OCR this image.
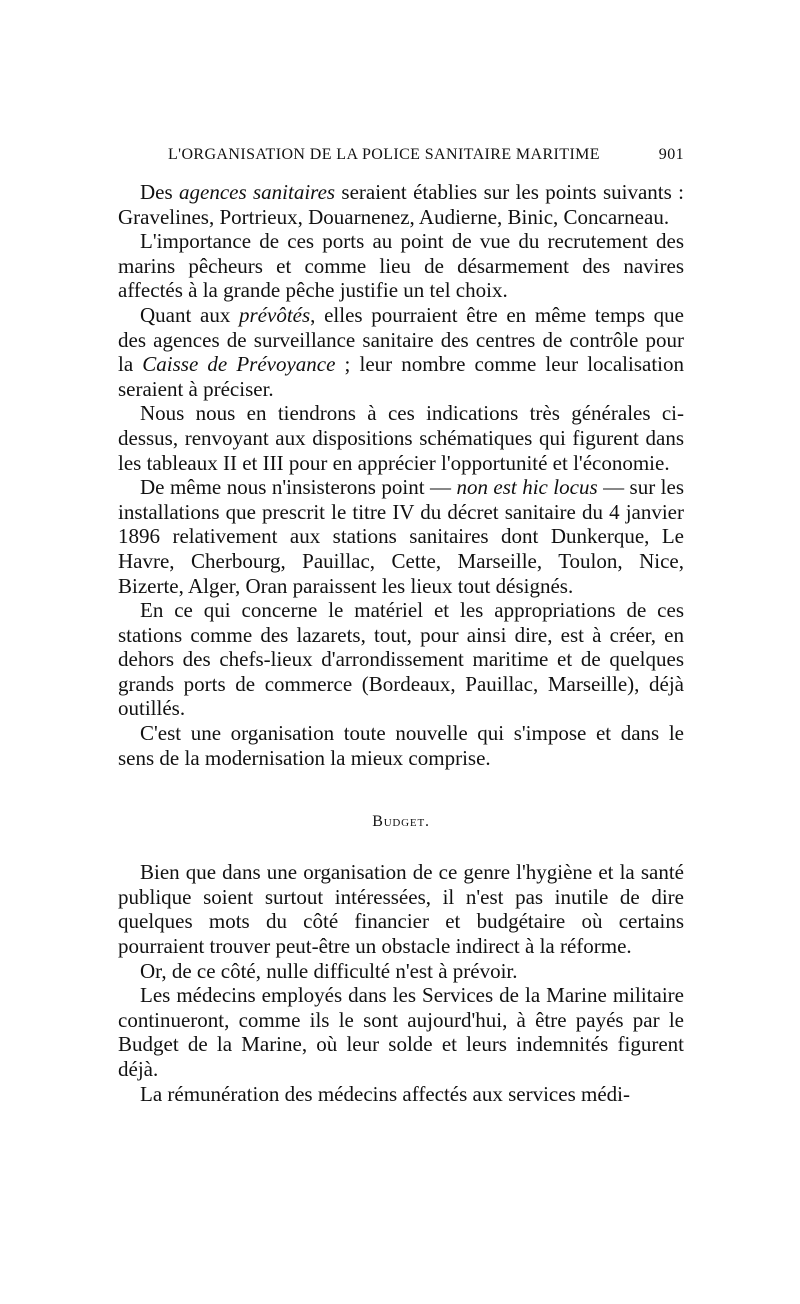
L'ORGANISATION DE LA POLICE SANITAIRE MARITIME	901

Des agences sanitaires seraient établies sur les points suivants : Gravelines, Portrieux, Douarnenez, Audierne, Binic, Concarneau.

L'importance de ces ports au point de vue du recrutement des marins pêcheurs et comme lieu de désarmement des navires affectés à la grande pêche justifie un tel choix.

Quant aux prévôtés, elles pourraient être en même temps que des agences de surveillance sanitaire des centres de contrôle pour la Caisse de Prévoyance ; leur nombre comme leur localisation seraient à préciser.

Nous nous en tiendrons à ces indications très générales ci-dessus, renvoyant aux dispositions schématiques qui figurent dans les tableaux II et III pour en apprécier l'opportunité et l'économie.

De même nous n'insisterons point — non est hic locus — sur les installations que prescrit le titre IV du décret sanitaire du 4 janvier 1896 relativement aux stations sanitaires dont Dunkerque, Le Havre, Cherbourg, Pauillac, Cette, Marseille, Toulon, Nice, Bizerte, Alger, Oran paraissent les lieux tout désignés.

En ce qui concerne le matériel et les appropriations de ces stations comme des lazarets, tout, pour ainsi dire, est à créer, en dehors des chefs-lieux d'arrondissement maritime et de quelques grands ports de commerce (Bordeaux, Pauillac, Marseille), déjà outillés.

C'est une organisation toute nouvelle qui s'impose et dans le sens de la modernisation la mieux comprise.

Budget.

Bien que dans une organisation de ce genre l'hygiène et la santé publique soient surtout intéressées, il n'est pas inutile de dire quelques mots du côté financier et budgétaire où certains pourraient trouver peut-être un obstacle indirect à la réforme.

Or, de ce côté, nulle difficulté n'est à prévoir.

Les médecins employés dans les Services de la Marine militaire continueront, comme ils le sont aujourd'hui, à être payés par le Budget de la Marine, où leur solde et leurs indemnités figurent déjà.

La rémunération des médecins affectés aux services médi-
